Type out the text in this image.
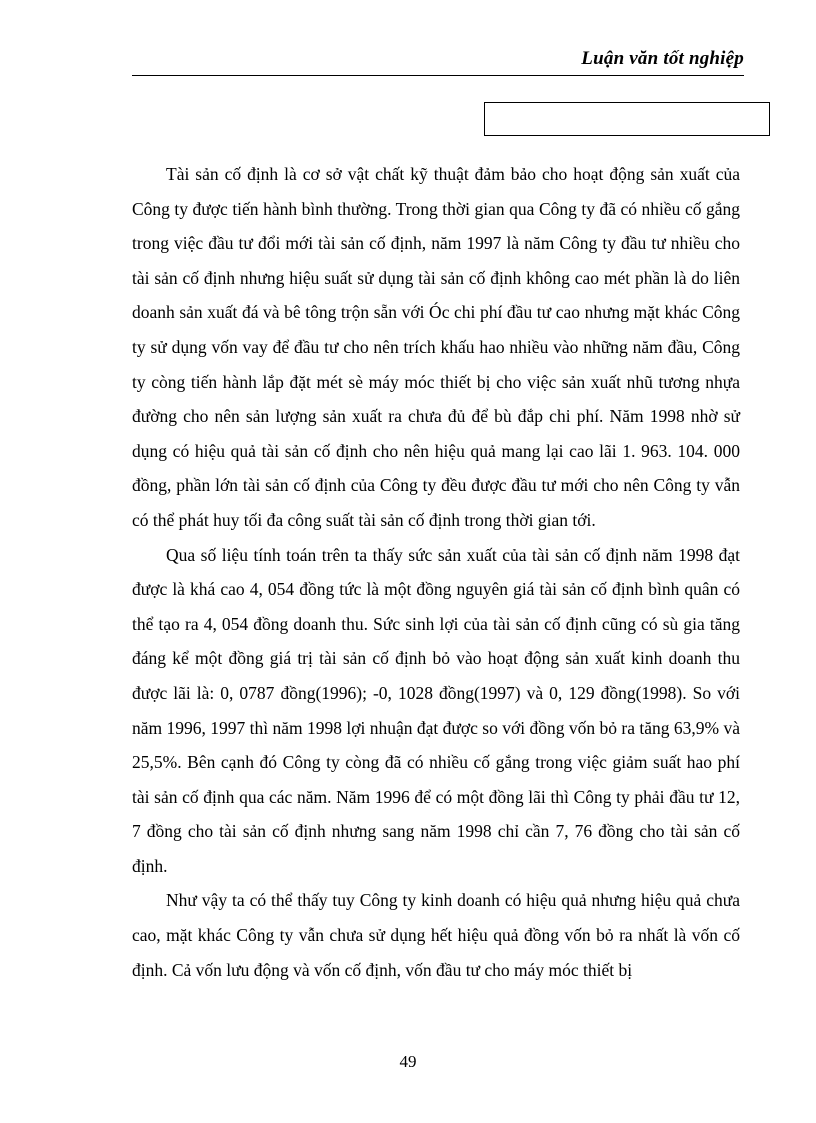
Luận văn tốt nghiệp

Tài sản cố định là cơ sở vật chất kỹ thuật đảm bảo cho hoạt động sản xuất của Công ty được tiến hành bình thường. Trong thời gian qua Công ty đã có nhiều cố gắng trong việc đầu tư đổi mới tài sản cố định, năm 1997 là năm Công ty đầu tư nhiều cho tài sản cố định nhưng hiệu suất sử dụng tài sản cố định không cao mét phần là do liên doanh sản xuất đá và bê tông trộn sẵn với Óc chi phí đầu tư cao nhưng mặt khác Công ty sử dụng vốn vay để đầu tư cho nên trích khấu hao nhiều vào những năm đầu, Công ty còng tiến hành lắp đặt mét sè máy móc thiết bị cho việc sản xuất nhũ tương nhựa đường cho nên sản lượng sản xuất ra chưa đủ để bù đắp chi phí. Năm 1998 nhờ sử dụng có hiệu quả tài sản cố định cho nên hiệu quả mang lại cao lãi 1. 963. 104. 000 đồng, phần lớn tài sản cố định của Công ty đều được đầu tư mới cho nên Công ty vẫn có thể phát huy tối đa công suất tài sản cố định trong thời gian tới.

Qua số liệu tính toán trên ta thấy sức sản xuất của tài sản cố định năm 1998 đạt được là khá cao 4, 054 đồng tức là một đồng nguyên giá tài sản cố định bình quân có thể tạo ra 4, 054 đồng doanh thu. Sức sinh lợi của tài sản cố định cũng có sù gia tăng đáng kể một đồng giá trị tài sản cố định bỏ vào hoạt động sản xuất kinh doanh thu được lãi là: 0, 0787 đồng(1996); -0, 1028 đồng(1997) và 0, 129 đồng(1998). So với năm 1996, 1997 thì năm 1998 lợi nhuận đạt được so với đồng vốn bỏ ra tăng 63,9% và 25,5%. Bên cạnh đó Công ty còng đã có nhiều cố gắng trong việc giảm suất hao phí tài sản cố định qua các năm. Năm 1996 để có một đồng lãi thì Công ty phải đầu tư 12, 7 đồng cho tài sản cố định nhưng sang năm 1998 chỉ cần 7, 76 đồng cho tài sản cố định.

Như vậy ta có thể thấy tuy Công ty kinh doanh có hiệu quả nhưng hiệu quả chưa cao, mặt khác Công ty vẫn chưa sử dụng hết hiệu quả đồng vốn bỏ ra nhất là vốn cố định. Cả vốn lưu động và vốn cố định, vốn đầu tư cho máy móc thiết bị

49
